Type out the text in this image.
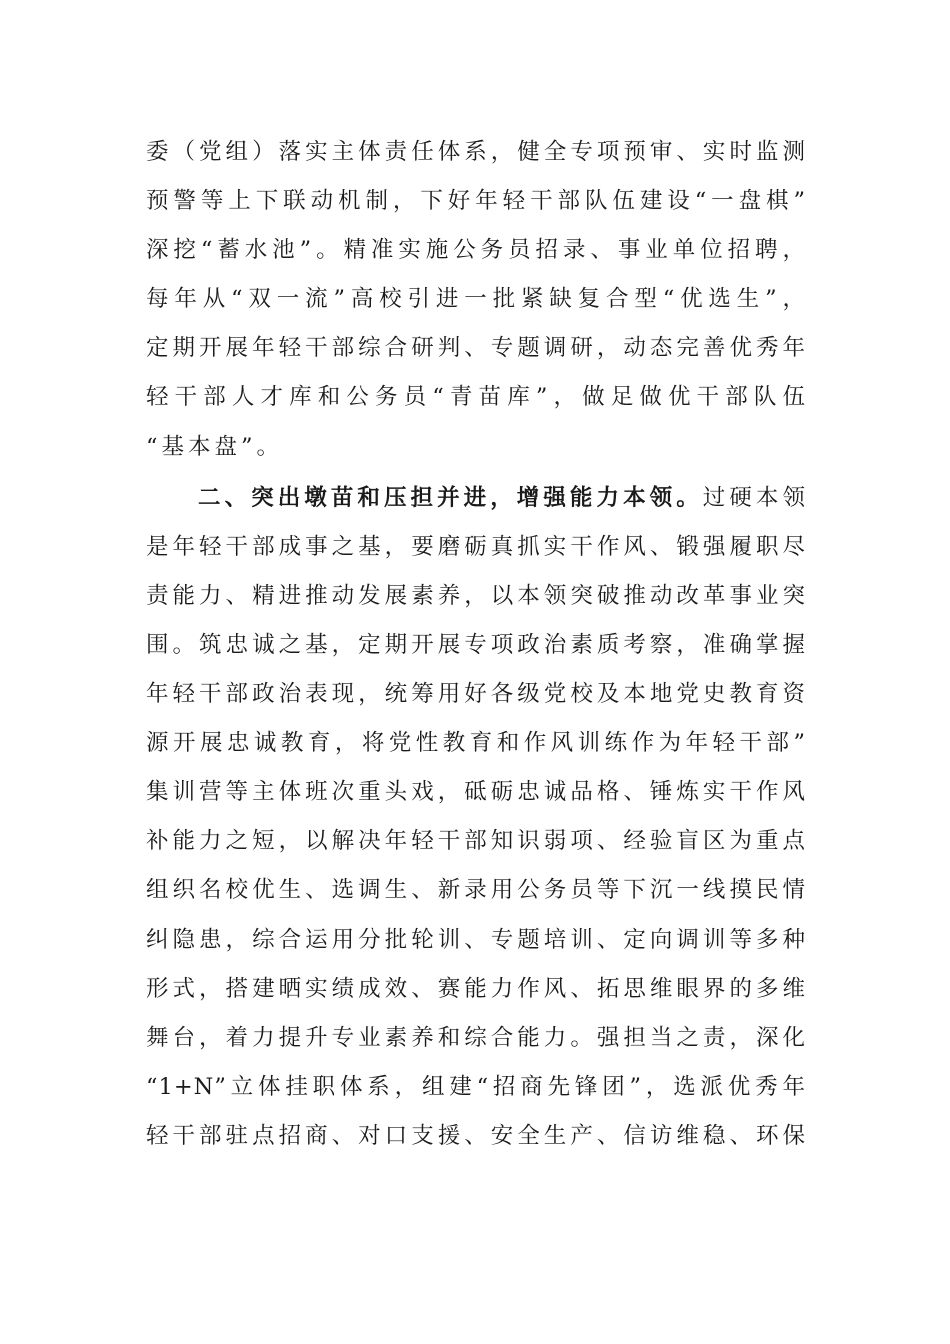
委（党组）落实主体责任体系，健全专项预审、实时监测
预警等上下联动机制，下好年轻干部队伍建设“一盘棋”
深挖“蓄水池”。精准实施公务员招录、事业单位招聘，
每年从“双一流”高校引进一批紧缺复合型“优选生”，
定期开展年轻干部综合研判、专题调研，动态完善优秀年
轻干部人才库和公务员“青苗库”，做足做优干部队伍
“基本盘”。
二、突出墩苗和压担并进，增强能力本领。过硬本领
是年轻干部成事之基，要磨砺真抓实干作风、锻强履职尽
责能力、精进推动发展素养，以本领突破推动改革事业突
围。筑忠诚之基，定期开展专项政治素质考察，准确掌握
年轻干部政治表现，统筹用好各级党校及本地党史教育资
源开展忠诚教育，将党性教育和作风训练作为年轻干部”
集训营等主体班次重头戏，砥砺忠诚品格、锤炼实干作风
补能力之短，以解决年轻干部知识弱项、经验盲区为重点
组织名校优生、选调生、新录用公务员等下沉一线摸民情
纠隐患，综合运用分批轮训、专题培训、定向调训等多种
形式，搭建晒实绩成效、赛能力作风、拓思维眼界的多维
舞台，着力提升专业素养和综合能力。强担当之责，深化
“1+N”立体挂职体系，组建“招商先锋团”，选派优秀年
轻干部驻点招商、对口支援、安全生产、信访维稳、环保
